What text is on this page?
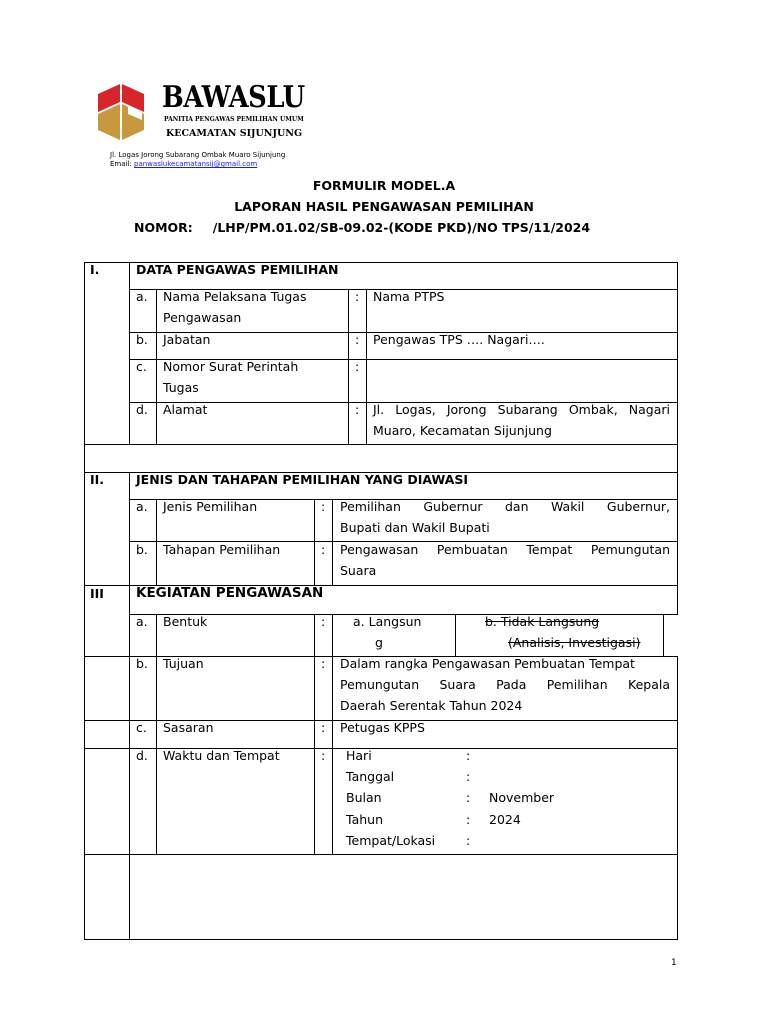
BAWASLU
PANITIA PENGAWAS PEMILIHAN UMUM
KECAMATAN SIJUNJUNG
Jl. Logas Jorong Subarang Ombak Muaro Sijunjung
Email: panwaslukecamatansij@gmail.com
FORMULIR MODEL.A
LAPORAN HASIL PENGAWASAN PEMILIHAN
NOMOR: /LHP/PM.01.02/SB-09.02-(KODE PKD)/NO TPS/11/2024
I.	DATA PENGAWAS PEMILIHAN
a. Nama Pelaksana Tugas
Pengawasan
: Nama PTPS
b. Jabatan	: Pengawas TPS …. Nagari….
c. Nomor Surat Perintah
Tugas
:
d. Alamat	: Jl. Logas, Jorong Subarang Ombak, Nagari
Muaro, Kecamatan Sijunjung
II.	JENIS DAN TAHAPAN PEMILIHAN YANG DIAWASI
a. Jenis Pemilihan	: Pemilihan Gubernur dan Wakil Gubernur,
Bupati dan Wakil Bupati
b. Tahapan Pemilihan	: Pengawasan Pembuatan Tempat Pemungutan
Suara
III KEGIATAN PENGAWASAN
a. Bentuk	: a. Langsun
g
b. Tidak Langsung
(Analisis, Investigasi)
b. Tujuan	: Dalam rangka Pengawasan Pembuatan Tempat
Pemungutan Suara Pada Pemilihan Kepala
Daerah Serentak Tahun 2024
c. Sasaran	: Petugas KPPS
d. Waktu dan Tempat	: Hari	:
Tanggal	:
Bulan	: November
Tahun	: 2024
Tempat/Lokasi :
1
